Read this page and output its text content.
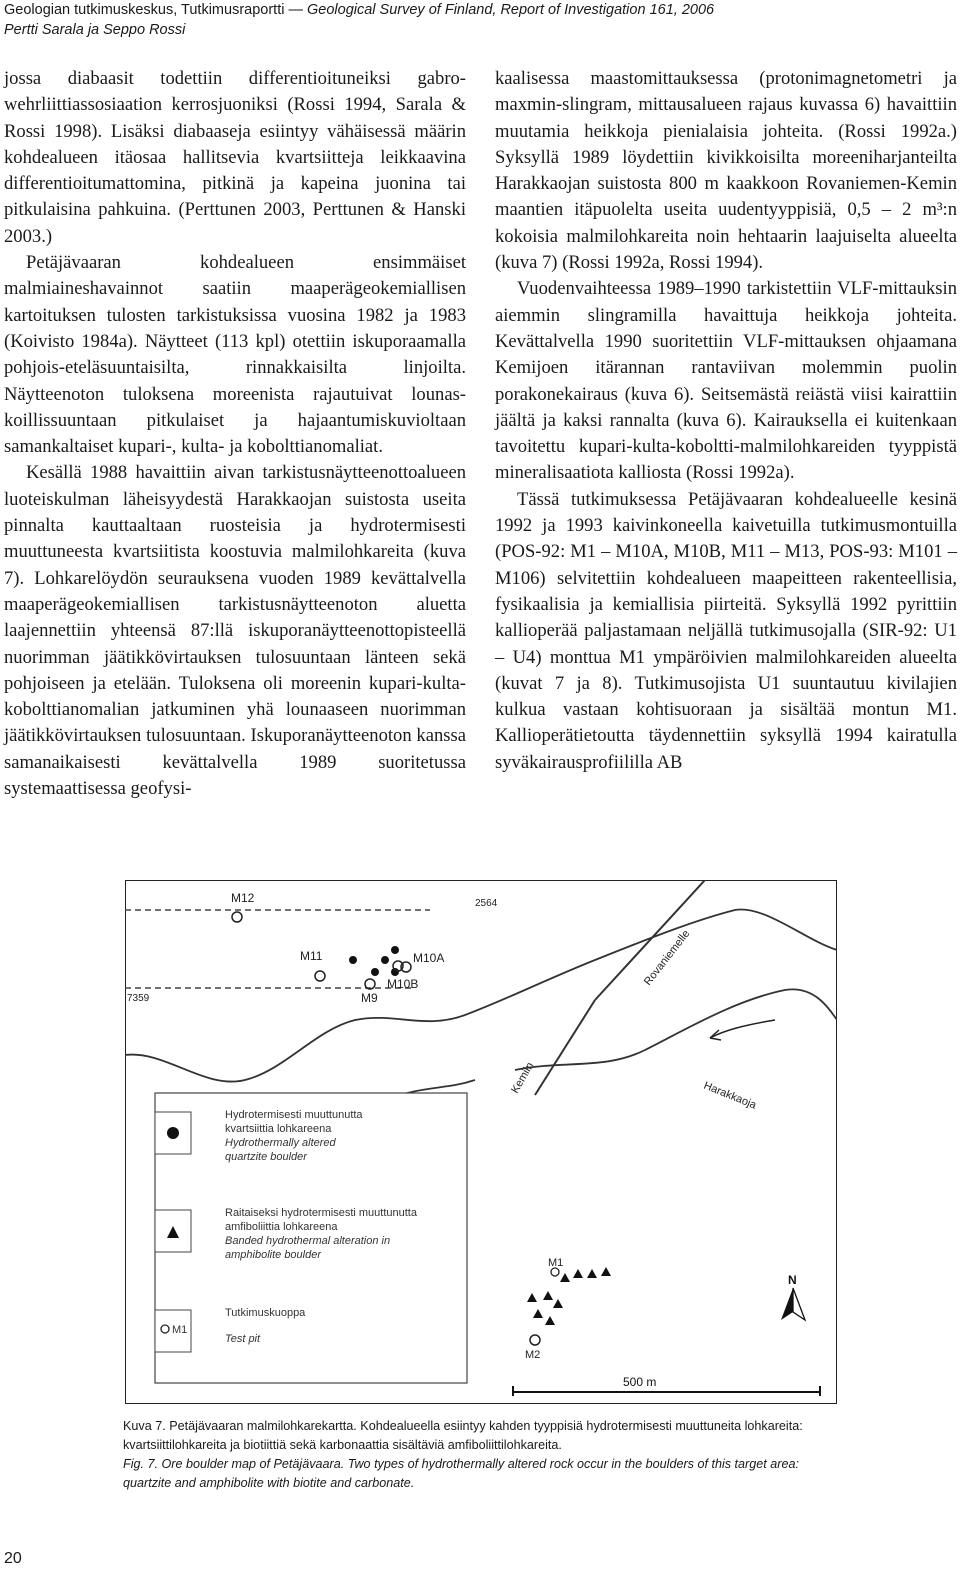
Geologian tutkimuskeskus, Tutkimusraportti — Geological Survey of Finland, Report of Investigation 161, 2006
Pertti Sarala ja Seppo Rossi

jossa diabaasit todettiin differentioituneiksi gabro-wehrliittiassosiaation kerrosjuoniksi (Rossi 1994, Sarala & Rossi 1998). Lisäksi diabaaseja esiintyy vähäisessä määrin kohdealueen itäosaa hallitsevia kvartsiitteja leikkaavina differentioitumattomina, pitkinä ja kapeina juonina tai pitkulaisina pahkuina. (Perttunen 2003, Perttunen & Hanski 2003.)

Petäjävaaran kohdealueen ensimmäiset malmiaineshavainnot saatiin maaperägeokemiallisen kartoituksen tulosten tarkistuksissa vuosina 1982 ja 1983 (Koivisto 1984a). Näytteet (113 kpl) otettiin iskuporaamalla pohjois-eteläsuuntaisilta, rinnakkaisilta linjoilta. Näytteenoton tuloksena moreenista rajautuivat lounas-koillissuuntaan pitkulaiset ja hajaantumiskuvioltaan samankaltaiset kupari-, kulta- ja kobolttianomaliat.

Kesällä 1988 havaittiin aivan tarkistusnäytteenottoalueen luoteiskulman läheisyydestä Harakkaojan suistosta useita pinnalta kauttaaltaan ruosteisia ja hydrotermisesti muuttuneesta kvartsiitista koostuvia malmilohkareita (kuva 7). Lohkarelöydön seurauksena vuoden 1989 kevättalvella maaperägeokemiallisen tarkistusnäytteenoton aluetta laajennettiin yhteensä 87:llä iskuporanäytteenottopisteellä nuorimman jäätikkövirtauksen tulosuuntaan länteen sekä pohjoiseen ja etelään. Tuloksena oli moreenin kupari-kulta-kobolttianomalian jatkuminen yhä lounaaseen nuorimman jäätikkövirtauksen tulosuuntaan. Iskuporanäytteenoton kanssa samanaikaisesti kevättalvella 1989 suoritetussa systemaattisessa geofysi-

kaalisessa maastomittauksessa (protonimagnetometri ja maxmin-slingram, mittausalueen rajaus kuvassa 6) havaittiin muutamia heikkoja pienialaisia johteita. (Rossi 1992a.) Syksyllä 1989 löydettiin kivikkoisilta moreeniharjanteilta Harakkaojan suistosta 800 m kaakkoon Rovaniemen-Kemin maantien itäpuolelta useita uudentyyppisiä, 0,5 – 2 m³:n kokoisia malmilohkareita noin hehtaarin laajuiselta alueelta (kuva 7) (Rossi 1992a, Rossi 1994).

Vuodenvaihteessa 1989–1990 tarkistettiin VLF-mittauksin aiemmin slingramilla havaittuja heikkoja johteita. Kevättalvella 1990 suoritettiin VLF-mittauksen ohjaamana Kemijoen itärannan rantaviivan molemmin puolin porakonekairaus (kuva 6). Seitsemästä reiästä viisi kairattiin jäältä ja kaksi rannalta (kuva 6). Kairauksella ei kuitenkaan tavoitettu kupari-kulta-koboltti-malmilohkareiden tyyppistä mineralisaatiota kalliosta (Rossi 1992a).

Tässä tutkimuksessa Petäjävaaran kohdealueelle kesinä 1992 ja 1993 kaivinkoneella kaivetuilla tutkimusmontuilla (POS-92: M1 – M10A, M10B, M11 – M13, POS-93: M101 – M106) selvitettiin kohdealueen maapeitteen rakenteellisia, fysikaalisia ja kemiallisia piirteitä. Syksyllä 1992 pyrittiin kallioperää paljastamaan neljällä tutkimusojalla (SIR-92: U1 – U4) monttua M1 ympäröivien malmilohkareiden alueelta (kuvat 7 ja 8). Tutkimusojista U1 suuntautuu kivilajien kulkua vastaan kohtisuoraan ja sisältää montun M1. Kallioperätietoutta täydennettiin syksyllä 1994 kairatulla syväkairausprofiililla AB

M12	2564
7359
M11	M10A
M10B
M9
Rovaniemelle
Kemiin
Harakkaoja
Hydrotermisesti muuttunutta
kvartsiittia lohkareena
Hydrothermally altered
quartzite boulder
Raitaiseksi hydrotermisesti muuttunutta
amfiboliittia lohkareena
Banded hydrothermal alteration in
amphibolite boulder
M1
Tutkimuskuoppa
Test pit
M1
M2
N
500 m
Kuva 7. Petäjävaaran malmilohkarekartta. Kohdealueella esiintyy kahden tyyppisiä hydrotermisesti muuttuneita lohkareita: kvartsiittilohkareita ja biotiittiä sekä karbonaattia sisältäviä amfiboliittilohkareita.
Fig. 7. Ore boulder map of Petäjävaara. Two types of hydrothermally altered rock occur in the boulders of this target area: quartzite and amphibolite with biotite and carbonate.
20
